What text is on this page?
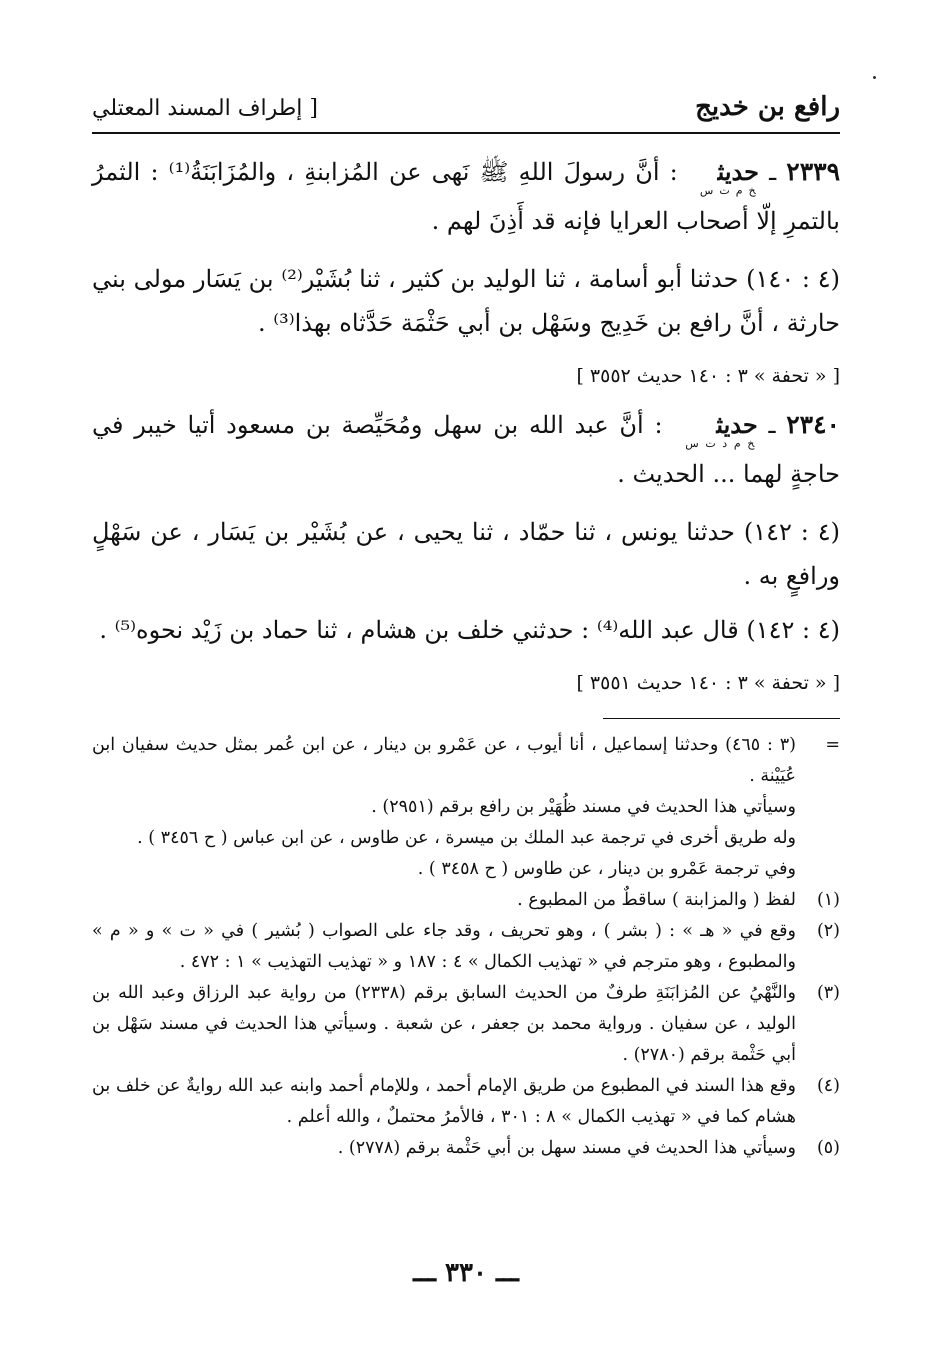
رافع بن خديج
[ إطراف المسند المعتلي

٢٣٣٩ ـ حديث$_{خ م ت س}$ : أنَّ رسولَ اللهِ ﷺ نَهى عن المُزابنةِ ، والمُزَابَنَةُ⁽¹⁾ : الثمرُ بالتمرِ إلّا أصحاب العرايا فإنه قد أَذِنَ لهم .

(٤ : ١٤٠) حدثنا أبو أسامة ، ثنا الوليد بن كثير ، ثنا بُشَيْر⁽²⁾ بن يَسَار مولى بني حارثة ، أنَّ رافع بن خَدِيج وسَهْل بن أبي حَثْمَة حَدَّثاه بهذا⁽³⁾ .

[ « تحفة » ٣ : ١٤٠ حديث ٣٥٥٢ ]

٢٣٤٠ ـ حديث$_{خ م د ت س}$ : أنَّ عبد الله بن سهل ومُحَيِّصة بن مسعود أتيا خيبر في حاجةٍ لهما ... الحديث .

(٤ : ١٤٢) حدثنا يونس ، ثنا حمّاد ، ثنا يحيى ، عن بُشَيْر بن يَسَار ، عن سَهْلٍ ورافعٍ به .

(٤ : ١٤٢) قال عبد الله⁽⁴⁾ : حدثني خلف بن هشام ، ثنا حماد بن زَيْد نحوه⁽⁵⁾ .

[ « تحفة » ٣ : ١٤٠ حديث ٣٥٥١ ]

=
(٣ : ٤٦٥) وحدثنا إسماعيل ، أنا أيوب ، عن عَمْرو بن دينار ، عن ابن عُمر بمثل حديث سفيان ابن عُيَيْنة .

وسيأتي هذا الحديث في مسند ظُهَيْر بن رافع برقم (٢٩٥١) .

وله طريق أخرى في ترجمة عبد الملك بن ميسرة ، عن طاوس ، عن ابن عباس ( ح ٣٤٥٦ ) .

وفي ترجمة عَمْرو بن دينار ، عن طاوس ( ح ٣٤٥٨ ) .

(١)
لفظ ( والمزابنة ) ساقطٌ من المطبوع .
(٢)
وقع في « هـ » : ( بشر ) ، وهو تحريف ، وقد جاء على الصواب ( بُشير ) في « ت » و « م » والمطبوع ، وهو مترجم في « تهذيب الكمال » ٤ : ١٨٧ و « تهذيب التهذيب » ١ : ٤٧٢ .
(٣)
والنَّهْيُ عن المُزابَنَةِ طرفٌ من الحديث السابق برقم (٢٣٣٨) من رواية عبد الرزاق وعبد الله بن الوليد ، عن سفيان . ورواية محمد بن جعفر ، عن شعبة . وسيأتي هذا الحديث في مسند سَهْل بن أبي حَثْمة برقم (٢٧٨٠) .
(٤)
وقع هذا السند في المطبوع من طريق الإمام أحمد ، وللإمام أحمد وابنه عبد الله روايةٌ عن خلف بن هشام كما في « تهذيب الكمال » ٨ : ٣٠١ ، فالأمرُ محتملٌ ، والله أعلم .
(٥)
وسيأتي هذا الحديث في مسند سهل بن أبي حَثْمة برقم (٢٧٧٨) .
ـــ ٣٣٠ ـــ
